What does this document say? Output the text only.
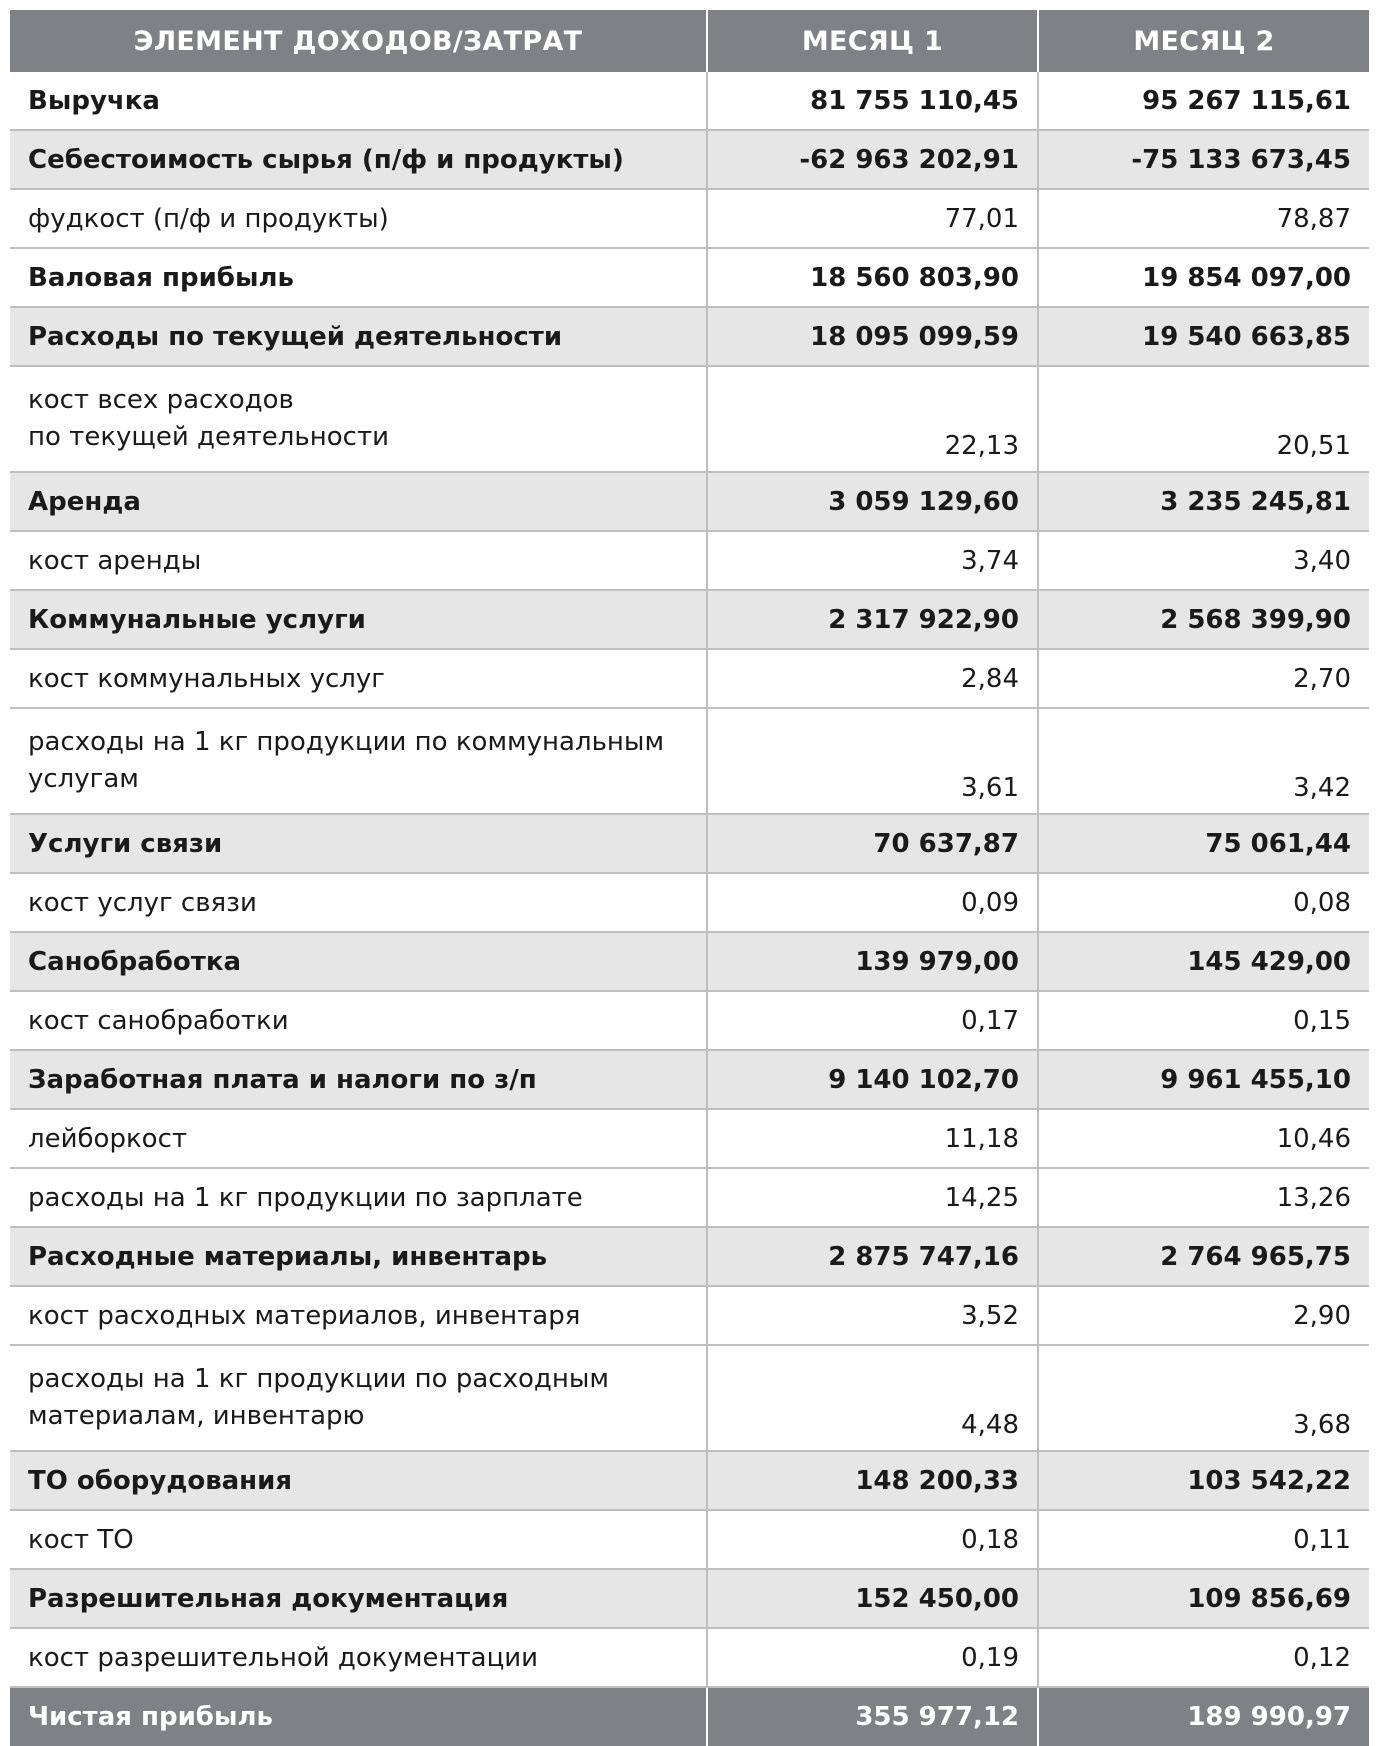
ЭЛЕМЕНТ ДОХОДОВ/ЗАТРАТ	МЕСЯЦ 1	МЕСЯЦ 2
Выручка	81 755 110,45	95 267 115,61
Себестоимость сырья (п/ф и продукты)	-62 963 202,91	-75 133 673,45
фудкост (п/ф и продукты)	77,01	78,87
Валовая прибыль	18 560 803,90	19 854 097,00
Расходы по текущей деятельности	18 095 099,59	19 540 663,85

кост всех расходов
по текущей деятельности	22,13	20,51
Аренда	3 059 129,60	3 235 245,81
кост аренды	3,74	3,40
Коммунальные услуги	2 317 922,90	2 568 399,90
кост коммунальных услуг	2,84	2,70

расходы на 1 кг продукции по коммунальным
услугам	3,61	3,42
Услуги связи	70 637,87	75 061,44
кост услуг связи	0,09	0,08
Санобработка	139 979,00	145 429,00
кост санобработки	0,17	0,15
Заработная плата и налоги по з/п	9 140 102,70	9 961 455,10
лейборкост	11,18	10,46
расходы на 1 кг продукции по зарплате	14,25	13,26
Расходные материалы, инвентарь	2 875 747,16	2 764 965,75
кост расходных материалов, инвентаря	3,52	2,90

расходы на 1 кг продукции по расходным
материалам, инвентарю	4,48	3,68
ТО оборудования	148 200,33	103 542,22
кост ТО	0,18	0,11
Разрешительная документация	152 450,00	109 856,69
кост разрешительной документации	0,19	0,12
Чистая прибыль	355 977,12	189 990,97
